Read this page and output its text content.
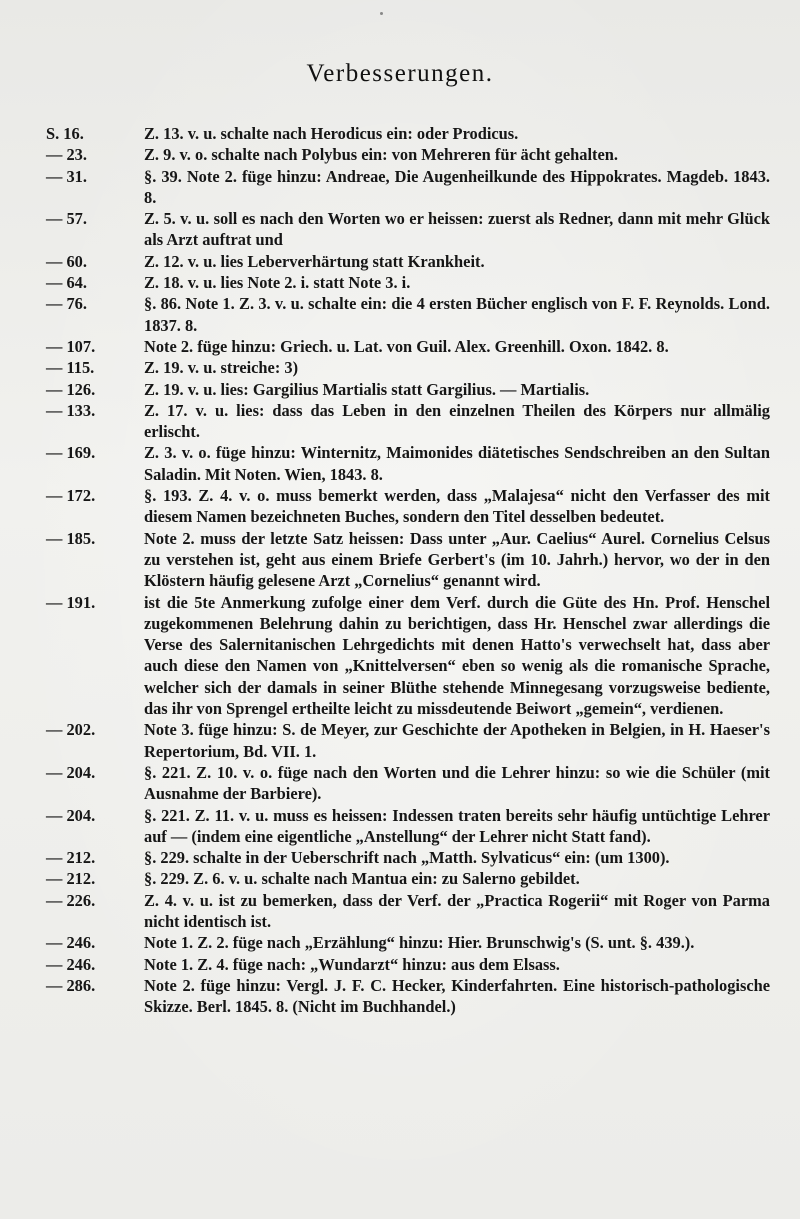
Verbesserungen.
S. 16.	Z. 13. v. u. schalte nach Herodicus ein: oder Prodicus.
— 23.	Z. 9. v. o. schalte nach Polybus ein: von Mehreren für ächt gehalten.
— 31.	§. 39. Note 2. füge hinzu: Andreae, Die Augenheilkunde des Hippokrates. Magdeb. 1843. 8.
— 57.	Z. 5. v. u. soll es nach den Worten wo er heissen: zuerst als Redner, dann mit mehr Glück als Arzt auftrat und
— 60.	Z. 12. v. u. lies Leberverhärtung statt Krankheit.
— 64.	Z. 18. v. u. lies Note 2. i. statt Note 3. i.
— 76.	§. 86. Note 1. Z. 3. v. u. schalte ein: die 4 ersten Bücher englisch von F. F. Reynolds. Lond. 1837. 8.
— 107.	Note 2. füge hinzu: Griech. u. Lat. von Guil. Alex. Greenhill. Oxon. 1842. 8.
— 115.	Z. 19. v. u. streiche: 3)
— 126.	Z. 19. v. u. lies: Gargilius Martialis statt Gargilius. — Martialis.
— 133.	Z. 17. v. u. lies: dass das Leben in den einzelnen Theilen des Körpers nur allmälig erlischt.
— 169.	Z. 3. v. o. füge hinzu: Winternitz, Maimonides diätetisches Sendschreiben an den Sultan Saladin. Mit Noten. Wien, 1843. 8.
— 172.	§. 193. Z. 4. v. o. muss bemerkt werden, dass „Malajesa“ nicht den Verfasser des mit diesem Namen bezeichneten Buches, sondern den Titel desselben bedeutet.
— 185.	Note 2. muss der letzte Satz heissen: Dass unter „Aur. Caelius“ Aurel. Cornelius Celsus zu verstehen ist, geht aus einem Briefe Gerbert's (im 10. Jahrh.) hervor, wo der in den Klöstern häufig gelesene Arzt „Cornelius“ genannt wird.
— 191.	ist die 5te Anmerkung zufolge einer dem Verf. durch die Güte des Hn. Prof. Henschel zugekommenen Belehrung dahin zu berichtigen, dass Hr. Henschel zwar allerdings die Verse des Salernitanischen Lehrgedichts mit denen Hatto's verwechselt hat, dass aber auch diese den Namen von „Knittelversen“ eben so wenig als die romanische Sprache, welcher sich der damals in seiner Blüthe stehende Minnegesang vorzugsweise bediente, das ihr von Sprengel ertheilte leicht zu missdeutende Beiwort „gemein“, verdienen.
— 202.	Note 3. füge hinzu: S. de Meyer, zur Geschichte der Apotheken in Belgien, in H. Haeser's Repertorium, Bd. VII. 1.
— 204.	§. 221. Z. 10. v. o. füge nach den Worten und die Lehrer hinzu: so wie die Schüler (mit Ausnahme der Barbiere).
— 204.	§. 221. Z. 11. v. u. muss es heissen: Indessen traten bereits sehr häufig untüchtige Lehrer auf — (indem eine eigentliche „Anstellung“ der Lehrer nicht Statt fand).
— 212.	§. 229. schalte in der Ueberschrift nach „Matth. Sylvaticus“ ein: (um 1300).
— 212.	§. 229. Z. 6. v. u. schalte nach Mantua ein: zu Salerno gebildet.
— 226.	Z. 4. v. u. ist zu bemerken, dass der Verf. der „Practica Rogerii“ mit Roger von Parma nicht identisch ist.
— 246.	Note 1. Z. 2. füge nach „Erzählung“ hinzu: Hier. Brunschwig's (S. unt. §. 439.).
— 246.	Note 1. Z. 4. füge nach: „Wundarzt“ hinzu: aus dem Elsass.
— 286.	Note 2. füge hinzu: Vergl. J. F. C. Hecker, Kinderfahrten. Eine historisch-pathologische Skizze. Berl. 1845. 8. (Nicht im Buchhandel.)
